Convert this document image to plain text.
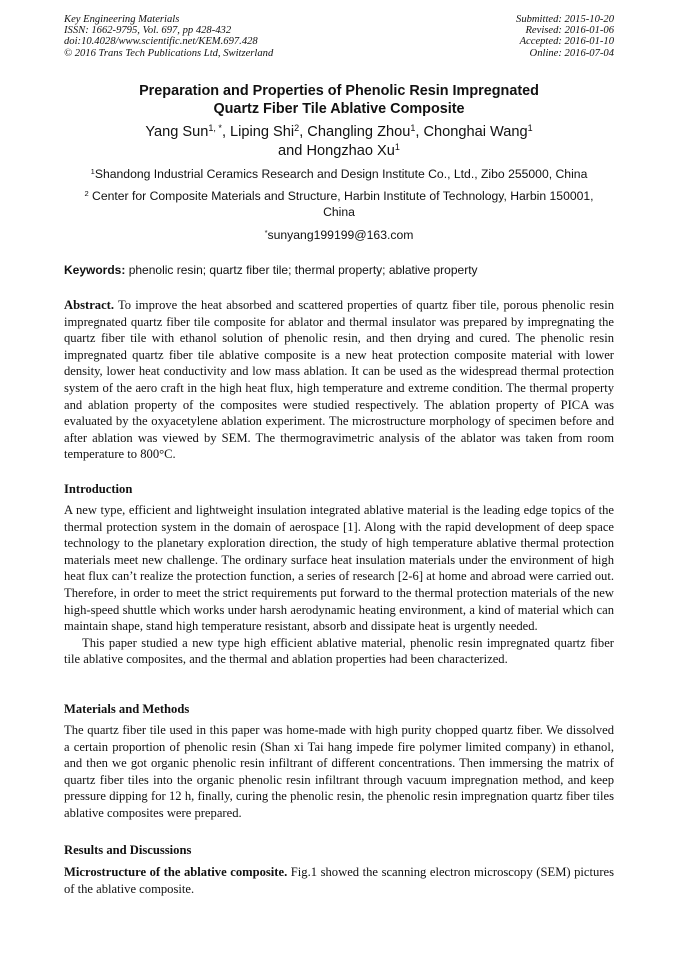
Key Engineering Materials
ISSN: 1662-9795, Vol. 697, pp 428-432
doi:10.4028/www.scientific.net/KEM.697.428
© 2016 Trans Tech Publications Ltd, Switzerland
Submitted: 2015-10-20
Revised: 2016-01-06
Accepted: 2016-01-10
Online: 2016-07-04
Preparation and Properties of Phenolic Resin Impregnated
Quartz Fiber Tile Ablative Composite
Yang Sun$^{1, *}$, Liping Shi$^2$, Changling Zhou$^1$, Chonghai Wang$^1$
and Hongzhao Xu$^1$
$^1$Shandong Industrial Ceramics Research and Design Institute Co., Ltd., Zibo 255000, China
$^2$ Center for Composite Materials and Structure, Harbin Institute of Technology, Harbin 150001,
China
*sunyang199199@163.com
Keywords: phenolic resin; quartz fiber tile; thermal property; ablative property

Abstract. To improve the heat absorbed and scattered properties of quartz fiber tile, porous phenolic resin impregnated quartz fiber tile composite for ablator and thermal insulator was prepared by impregnating the quartz fiber tile with ethanol solution of phenolic resin, and then drying and cured. The phenolic resin impregnated quartz fiber tile ablative composite is a new heat protection composite material with lower density, lower heat conductivity and low mass ablation. It can be used as the widespread thermal protection system of the aero craft in the high heat flux, high temperature and extreme condition. The thermal property and ablation property of the composites were studied respectively. The ablation property of PICA was evaluated by the oxyacetylene ablation experiment. The microstructure morphology of specimen before and after ablation was viewed by SEM. The thermogravimetric analysis of the ablator was taken from room temperature to 800°C.

Introduction

A new type, efficient and lightweight insulation integrated ablative material is the leading edge topics of the thermal protection system in the domain of aerospace [1]. Along with the rapid development of deep space technology to the planetary exploration direction, the study of high temperature ablative thermal protection materials meet new challenge. The ordinary surface heat insulation materials under the environment of high heat flux can’t realize the protection function, a series of research [2-6] at home and abroad were carried out. Therefore, in order to meet the strict requirements put forward to the thermal protection materials of the new high-speed shuttle which works under harsh aerodynamic heating environment, a kind of material which can maintain shape, stand high temperature resistant, absorb and dissipate heat is urgently needed.

This paper studied a new type high efficient ablative material, phenolic resin impregnated quartz fiber tile ablative composites, and the thermal and ablation properties had been characterized.

Materials and Methods

The quartz fiber tile used in this paper was home-made with high purity chopped quartz fiber. We dissolved a certain proportion of phenolic resin (Shan xi Tai hang impede fire polymer limited company) in ethanol, and then we got organic phenolic resin infiltrant of different concentrations. Then immersing the matrix of quartz fiber tiles into the organic phenolic resin infiltrant through vacuum impregnation method, and keep pressure dipping for 12 h, finally, curing the phenolic resin, the phenolic resin impregnation quartz fiber tiles ablative composites were prepared.

Results and Discussions

Microstructure of the ablative composite. Fig.1 showed the scanning electron microscopy (SEM) pictures of the ablative composite.
